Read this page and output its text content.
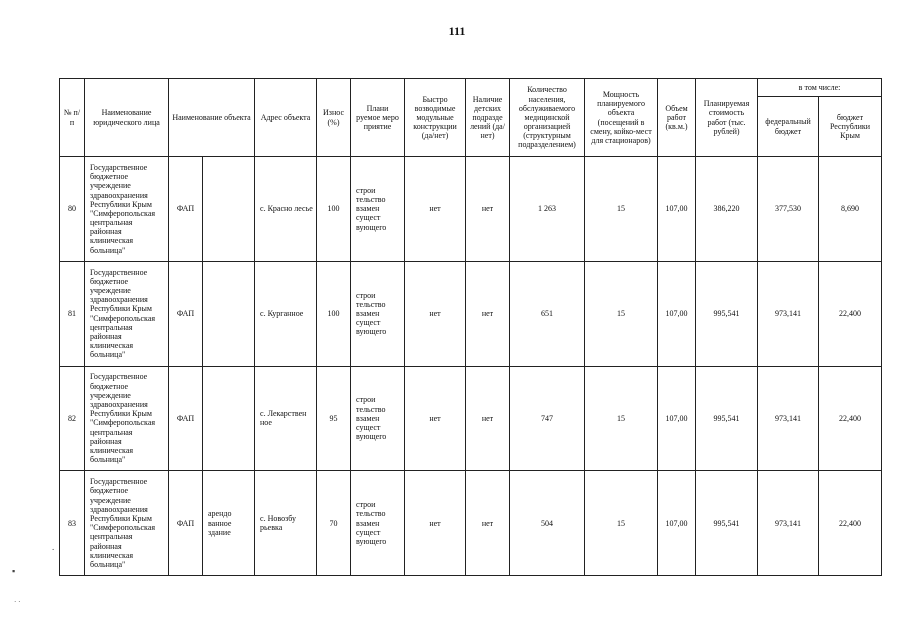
111
№ п/п	Наименование юридического лица	Наименование объекта		Адрес объекта	Износ (%)	Плани руемое меро приятие	Быстро возводимые модульные конструкции (да/нет)	Наличие детских подразде лений (да/нет)	Количество населения, обслуживаемого медицинской организацией (структурным подразделением)	Мощность планируемого объекта (посещений в смену, койко-мест для стационаров)	Объем работ (кв.м.)	Планируемая стоимость работ (тыс. рублей)	в том числе:	
													федеральный бюджет	бюджет Республики Крым
80	Государственное бюджетное учреждение здравоохранения Республики Крым "Симферопольская центральная районная клиническая больница"	ФАП		с. Красно лесье	100	строи тельство взамен сущест вующего	нет	нет	1 263	15	107,00	386,220	377,530	8,690
81	Государственное бюджетное учреждение здравоохранения Республики Крым "Симферопольская центральная районная клиническая больница"	ФАП		с. Курганное	100	строи тельство взамен сущест вующего	нет	нет	651	15	107,00	995,541	973,141	22,400
82	Государственное бюджетное учреждение здравоохранения Республики Крым "Симферопольская центральная районная клиническая больница"	ФАП		с. Лекарствен ное	95	строи тельство взамен сущест вующего	нет	нет	747	15	107,00	995,541	973,141	22,400
83	Государственное бюджетное учреждение здравоохранения Республики Крым "Симферопольская центральная районная клиническая больница"	ФАП	арендо ванное здание	с. Новозбу рьевка	70	строи тельство взамен сущест вующего	нет	нет	504	15	107,00	995,541	973,141	22,400
▪
.
· ·
